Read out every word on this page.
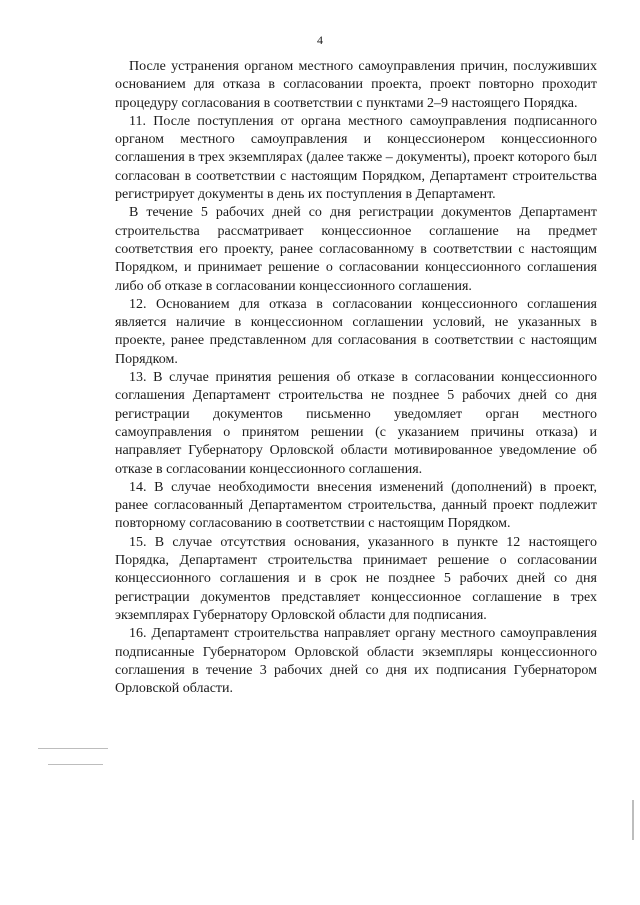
4

После устранения органом местного самоуправления причин, послуживших основанием для отказа в согласовании проекта, проект повторно проходит процедуру согласования в соответствии с пунктами 2–9 настоящего Порядка.

11. После поступления от органа местного самоуправления подписанного органом местного самоуправления и концессионером концессионного соглашения в трех экземплярах (далее также – документы), проект которого был согласован в соответствии с настоящим Порядком, Департамент строительства регистрирует документы в день их поступления в Департамент.

В течение 5 рабочих дней со дня регистрации документов Департамент строительства рассматривает концессионное соглашение на предмет соответствия его проекту, ранее согласованному в соответствии с настоящим Порядком, и принимает решение о согласовании концессионного соглашения либо об отказе в согласовании концессионного соглашения.

12. Основанием для отказа в согласовании концессионного соглашения является наличие в концессионном соглашении условий, не указанных в проекте, ранее представленном для согласования в соответствии с настоящим Порядком.

13. В случае принятия решения об отказе в согласовании концессионного соглашения Департамент строительства не позднее 5 рабочих дней со дня регистрации документов письменно уведомляет орган местного самоуправления о принятом решении (с указанием причины отказа) и направляет Губернатору Орловской области мотивированное уведомление об отказе в согласовании концессионного соглашения.

14. В случае необходимости внесения изменений (дополнений) в проект, ранее согласованный Департаментом строительства, данный проект подлежит повторному согласованию в соответствии с настоящим Порядком.

15. В случае отсутствия основания, указанного в пункте 12 настоящего Порядка, Департамент строительства принимает решение о согласовании концессионного соглашения и в срок не позднее 5 рабочих дней со дня регистрации документов представляет концессионное соглашение в трех экземплярах Губернатору Орловской области для подписания.

16. Департамент строительства направляет органу местного самоуправления подписанные Губернатором Орловской области экземпляры концессионного соглашения в течение 3 рабочих дней со дня их подписания Губернатором Орловской области.
